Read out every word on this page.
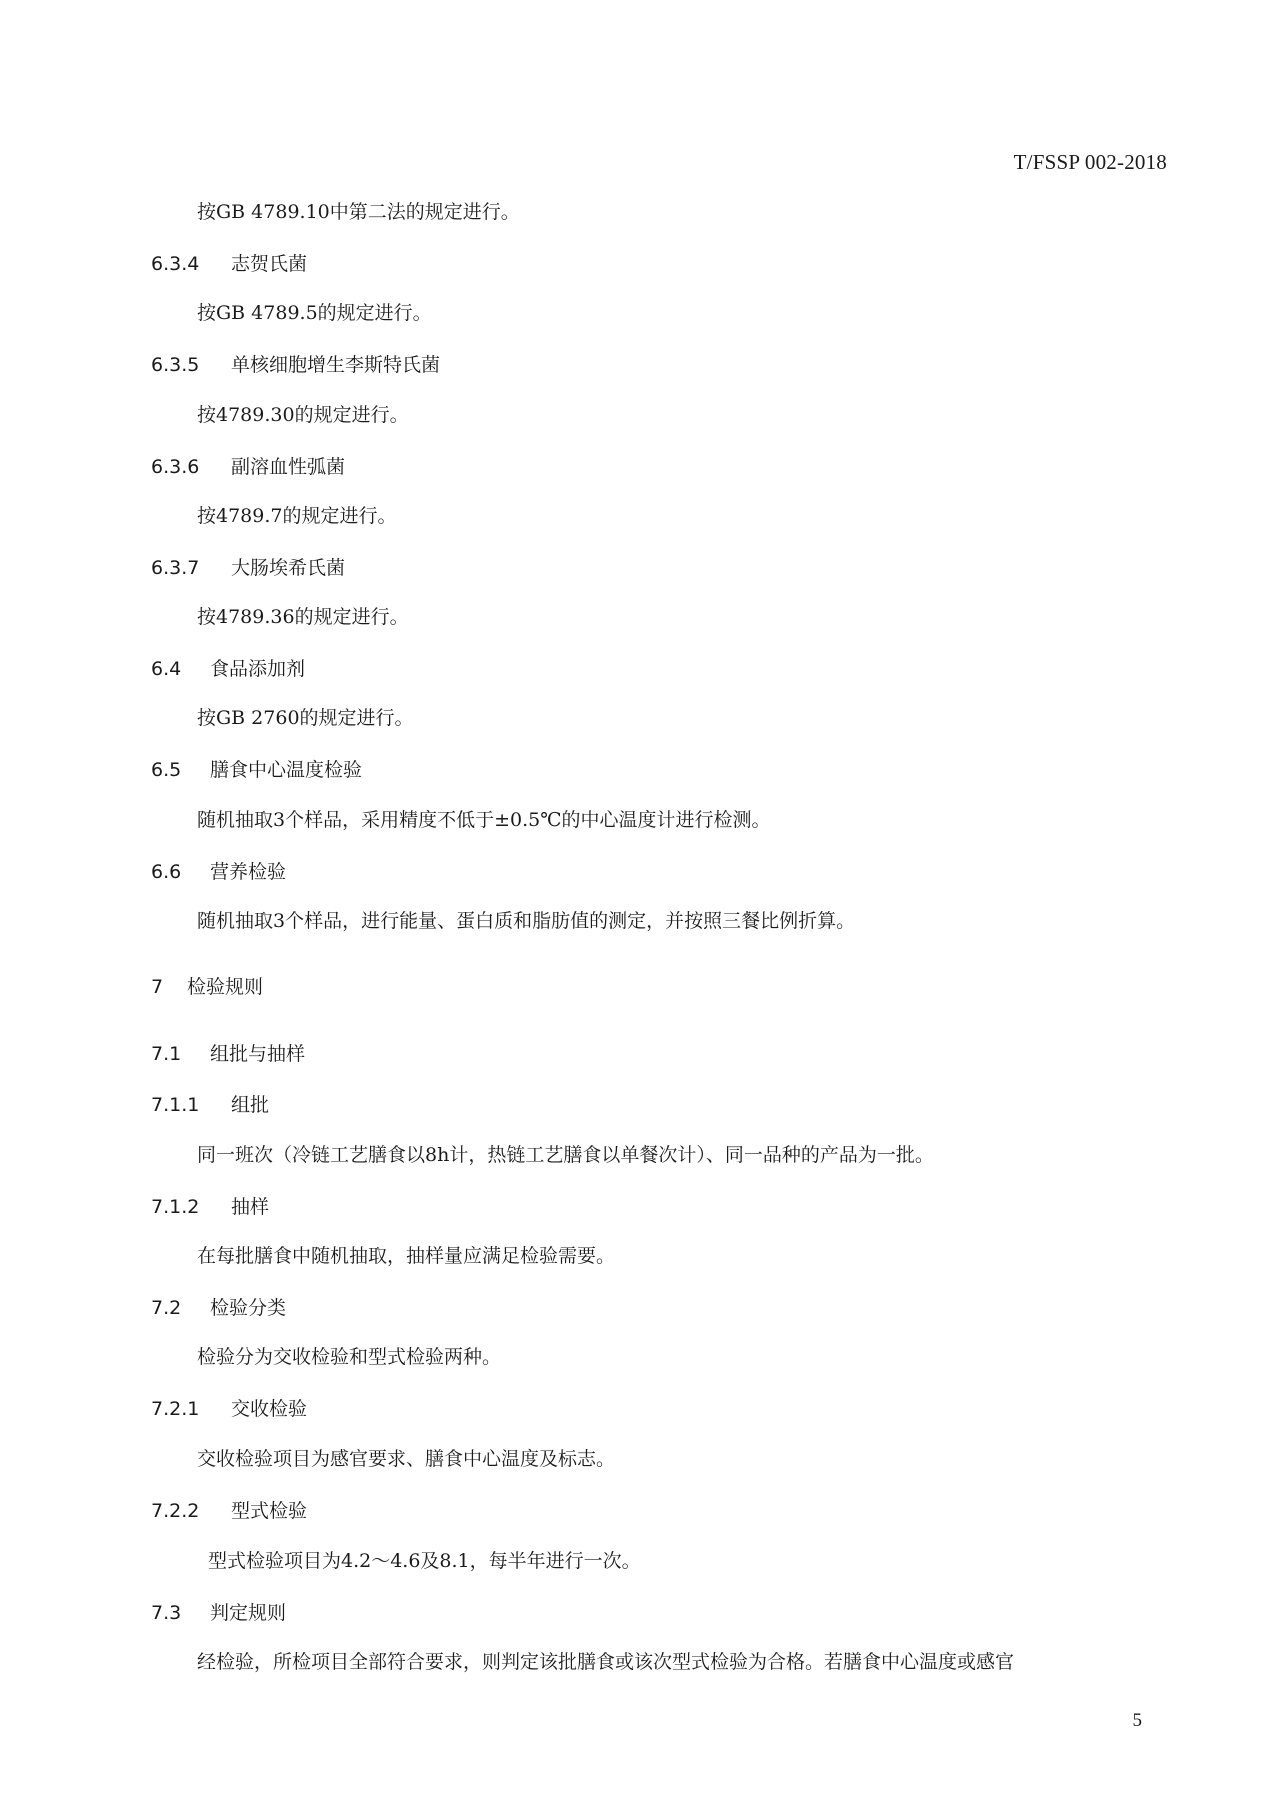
T/FSSP 002-2018
按GB 4789.10中第二法的规定进行。
6.3.4 志贺氏菌
按GB 4789.5的规定进行。
6.3.5 单核细胞增生李斯特氏菌
按4789.30的规定进行。
6.3.6 副溶血性弧菌
按4789.7的规定进行。
6.3.7 大肠埃希氏菌
按4789.36的规定进行。
6.4 食品添加剂
按GB 2760的规定进行。
6.5 膳食中心温度检验
随机抽取3个样品，采用精度不低于±0.5℃的中心温度计进行检测。
6.6 营养检验
随机抽取3个样品，进行能量、蛋白质和脂肪值的测定，并按照三餐比例折算。
7 检验规则
7.1 组批与抽样
7.1.1 组批
同一班次（冷链工艺膳食以8h计，热链工艺膳食以单餐次计）、同一品种的产品为一批。
7.1.2 抽样
在每批膳食中随机抽取，抽样量应满足检验需要。
7.2 检验分类
检验分为交收检验和型式检验两种。
7.2.1 交收检验
交收检验项目为感官要求、膳食中心温度及标志。
7.2.2 型式检验
型式检验项目为4.2～4.6及8.1，每半年进行一次。
7.3 判定规则
经检验，所检项目全部符合要求，则判定该批膳食或该次型式检验为合格。若膳食中心温度或感官
5
